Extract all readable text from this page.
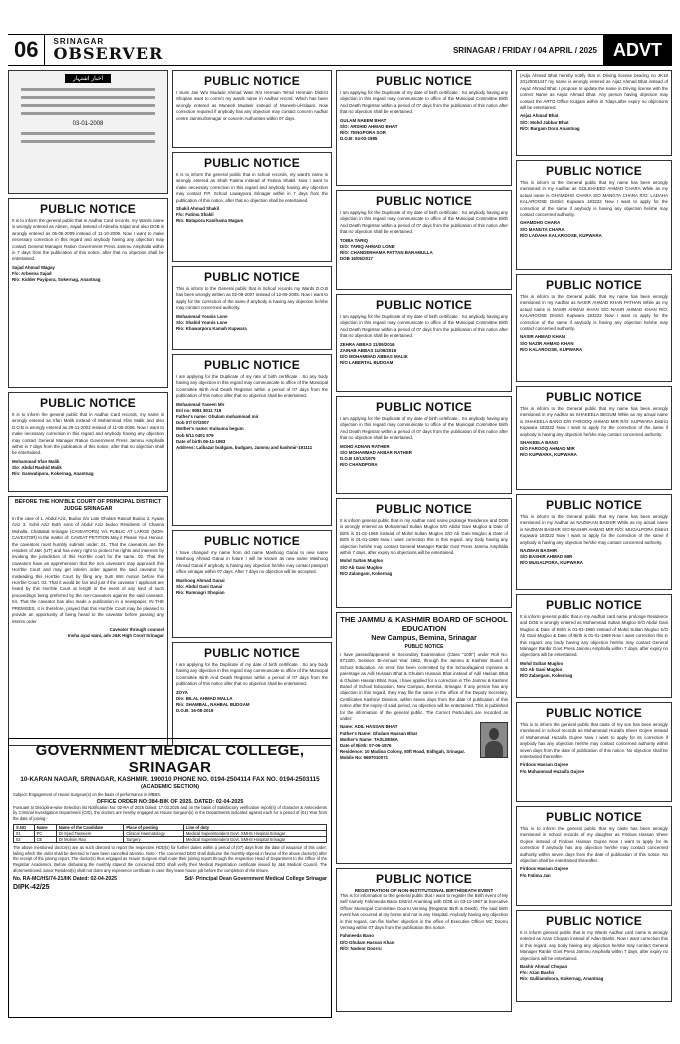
06	SRINAGAR
OBSERVER	SRINAGAR / FRIDAY / 04 APRIL / 2025 ADVT
اخبار اشتہار
03-01-2008
PUBLIC NOTICE
It is to inform the general public that in Aadhar Card records, my Wards name is wrongly entered as Abeen, Sajad instead of Abeeba Sajad and also DOB is wrongly entered as 05-05-2009 instead of 11-10-2009. Now I want to make necessary correction in this regard and anybody having any objection may contact General Manager Ration Government Press Jammu Amphalla within in 7 days from the publication of this notice, after that no objection shall be entertained.
Sajad Ahmad Wagay
F/o: Arbeena Sajad
R/o: Kidder Payipora, Sokernag, Anantnag
PUBLIC NOTICE
It is to inform the general public that in Aadhar Card records, my name is wrongly entered as Irfan Malik instead of Mohammad Irfan Malik and also D.O.B is wrongly entered as 29-11-2003 instead of 11-05-2006. Now I want to make necessary correction in this regard and anybody having any objection may contact General Manager Ration Government Press Jammu Amphalla within in 7 days from the publication of this notice, after that no objection shall be entertained.
Mohammad Irfan Malik
S/o: Abdul Rashid Malik
R/o: Ganwatipora, Kokernag, Anantnag
BEFORE THE HON'BLE COURT OF PRINCIPAL DISTRICT JUDGE SRINAGAR
In the case of 1. Abdul Aziz, Budoo S/o Late Ghulam Rasool Budoo 2. Ayaan Aziz 3. Sohil Aziz Both sons of Abdul Aziz budoo Residents of Channa Mohalla, Chattabal Srinagar (CAVEATORS) V/s PUBLIC AT LARGE (NON-CAVEATOR) In the matter of: CAVEAT PETITION May it Please Your Honour, the caveators most humbly submits under: 01. That the caveators are the resident of J&K (UT) and has every right to protect his rights and interests by invoking the jurisdiction of this Hon'ble court for the same. 02. That the caveators have an apprehension that the non caveators may approach this Hon'ble Court and may get interim order against the said caveator by misleading this Hon'ble Court by filing any Suit/ Writ motion before this Hon'ble Court. 03. That it would be fair and just if the caveator / applicant are heard by this Hon'ble Court at length in the event of any kind of such proceedings being preferred by the non-caveators against the said caveator. 04. That the caveator has also made a publication in a newspaper. IN THE PREMISES, it is therefore, prayed that this Hon'ble Court may be pleased to provide an opportunity of being heard to the caveator before passing any interim order.
Caveator through counsel
Insha ayaz wani, adv J&K High Court Srinagar
PUBLIC NOTICE
I Sumi Jan W/o Mudasir Ahmad Wani R/o Hermain Tehsil Hermain District Shopian want to correct my wards name in Aadhar record. Which has been wrongly entered as Muneeb Mudasir instead of Muneeb-ul-Islaam. Now correction required if anybody has any objection may contact concern Aadhar centre Jammu/Srinagar or concern Authorities within 07 days.
PUBLIC NOTICE
It is to inform the general public that in school records, my ward's name is wrongly entered as Shah Fatima instead of Fatima Shakil. Now I want to make necessary correction in this regard and anybody having any objection may contact P.P. School Lawaypora Srinagar within in 7 days from the publication of this notice, after that no objection shall be entertained.
Shakil Ahmad Shakil
F/o: Fatima Shakil
R/o: Batapora Kanihama Magam
PUBLIC NOTICE
This is inform to the General public that in School records my Wards D.O.B has been wrongly written as 02-09-2007 instead of 12-09-2005. Now I want to apply for the correction of the same if anybody is having any objection he/she may contact concerned authority.
Mohammad Younis Lone
S/o: Shahid Younis Lone
R/o: Khawarpora Kamah Kupwara
PUBLIC NOTICE
I am applying for the Duplicate of my rate of birth certificate . So any body having any objection in this regard may communicate to office of the Municipal Committee Birth And Death Registrar within a period of 07 days from the publication of this notice after that no objection shall be entertained.
Mohammad Yaseen Mir
Enl no: 8051 8011 719
Father's name: Ghulam mohammad mir
Dob 07/ 07/2007
Mother's name: Kulsuma begum
Dob 5/11 0401 979
Date of birth 06-11-1993
Address: Lalbazar budgam, budgam, Jammu and kashmir-191111
PUBLIC NOTICE
I have changed my name from old name Mashoog Ganai to new name Mashoog Ahmad Ganai in future I will be known as new name Mashoog Ahmad Ganai if anybody is having any objection he/she may contact passport office srinagar within 07 days. After 7 days no objection will be accepted.
Mashoog Ahmad Ganai
S/o: Abdul Gani Ganai
R/o: Ramnagri Shopian
PUBLIC NOTICE
I am applying for the Duplicate of my date of birth certificate . So any body having any objection in this regard may communicate to office of the Municipal Committee Birth And Death Registrar within a period of 07 days from the publication of this notice after that no objection shall be entertained.
ZOYA
D/o: BILAL AHMAD MALLA
R/o: SHAMBAL, NAHBAL BUDGAM
D.O.B: 16-08-2019
GOVERNMENT MEDICAL COLLEGE, SRINAGAR
10-KARAN NAGAR, SRINAGAR, KASHMIR. 190010 PHONE NO. 0194-2504114 FAX NO. 0194-2503115
(ACADEMIC SECTION)
Subject: Engagement of House Surgeon(s) on the basis of performance in MBBS.
OFFICE ORDER NO:384-BIK OF 2025. DATED: 02-04-2025
Pursuant to Discipline-wise Selection list Notification No: 02-RA of 2025 Dated: 17.03.2025 and on the basis of Satisfactory verification report(s) of character & Antecedents by Criminal Investigation Department (CID), the doctors are hereby engaged as House Surgeon(s) in the Departments indicated against each for a period of (01) Year from the date of joining:-
S.NO	Name	Name of the Candidate	Place of posting	Line of duty
01	PC	Dr Syed Tasneem	Clinical Haematology	Medical Superintendent Govt. SMHS Hospital Srinagar
02	CE	Dr Mohsin Rao	Surgery	Medical Superintendent Govt. SMHS Hospital Srinagar
The above mentioned doctor(s) are as such directed to report the respective HOD(s) for further duties within a period of (07) days from the date of issuance of this order; failing which the order shall be deemed to have been cancelled ab-initio. Note:- The concerned DDO shall disburse the monthly stipend in favour of the above doctor(s) after the receipt of the joining report. The doctor(s) thus engaged as House Surgeon shall route their joining report through the respective Head of Department to the Office of the Registrar Academics. Before disbursing the monthly stipend the concerned DDO shall verify their Medical Registration certificate issued by J&K Medical Council. The aforementioned Junior Resident(s) shall not claim any experience certificate in case they leave house job before the completion of the tenure.
No. RA-MC/HS/74-21/IIK Dated: 02-04-2025	Sd/- Principal Dean Government Medical College Srinagar
DIPK-42/25
PUBLIC NOTICE
I am applying for the Duplicate of my date of birth certificate . So anybody having any objection in this regard may communicate to office of the Municipal Committee Birth And Death Registrar within a period of 07 days from the publication of this notice after that no objection shall be entertained.
GULAM NAEEM BHAT
S/O: ARSHID AHMAD BHAT
R/O: TENGPORA SOR
D.O.B: 04-03-1985
PUBLIC NOTICE
I am applying for the Duplicate of my date of birth certificate . So anybody having any objection in this regard may communicate to office of the Municipal Committee Birth And Death Registrar within a period of 07 days from the publication of this notice after that no objection shall be entertained.
TOIBA TARIQ
D/O: TARIQ AHMAD LONE
R/O: CHANDERHAMA PATTAN BARAMULLA
DOB 15/05/2017
PUBLIC NOTICE
I am applying for the Duplicate of my date of birth certificate . So anybody having any objection in this regard may communicate to office of the Municipal Committee Birth And Death Registrar within a period of 07 days from the publication of this notice after that no objection shall be entertained.
ZEHRA ABBAS 11/09/2016
ZAINAB ABBAS 11/09/2016
D/O MOHAMMAD ABBAS MALIK
R/O LABERTAL BUDGAM
PUBLIC NOTICE
I am applying for the Duplicate of my date of birth certificate . So anybody having any objection in this regard may communicate to office of the Municipal Committee Birth And Death Registrar within a period of 07 days from the publication of this notice after that no objection shall be entertained.
MOHD ADNAN RATHER
S/O MOHAMMAD AKBAR RATHER
D.O.B 10/12/1979
R/O CHANDPORA
PUBLIC NOTICE
It is inform general public that in my Aadhar card name prolonge Residence and DOB is wrongly entered as Mohammad Sultan Mugloo S/O Abdul Gani Mugloo & Date of Birth is 01-01-1960 instead of Mohd Sultan Mugloo S/O Ab Gani Mugloo & Date of Birth is 01-01-1959 Now I want correction this in this regard. any body having any objection he/she may contact General Manager Ranbir Govt Press Jammu Amphalla within 7 days, after expiry no objections will be entertained.
Mohd Sultan Mugloo
S/O Ab Gani Mugloo
R/O Zalangam, Kokernag
THE JAMMU & KASHMIR BOARD OF SCHOOL EDUCATION
New Campus, Bemina, Srinagar
PUBLIC NOTICE
I have passed/appeared in Secondary Examination (Class "10th") under Roll No. 871320, Session: Bi-Annual Year 1982, through the Jammu & Kashmir Board of School Education. An error has been committed by the School/against myname & parentage as Adil Hussain Bhat & Ghulam Hussain Bhat instead of Adil Hassan Bhat & Ghulam Hassan Bhat. Now, I have applied for a correction in The Jammu & Kashmir Board of School Education, New Campus, Bemina, Srinagar. If any person has any objection in this regard, they may file the same in the office of the Deputy Secretary, Certificates Kashmir Division, within seven days from the date of publication of this notice after the expiry of said period, no objection will be entertained. This is published for the information of the general public. The Correct Particulars are recorded as under:
Name: ADIL HASSAN BHAT
Father's Name: Ghulam Hassan Bhat
Mother's Name: TASLEEMA
Date of Birth: 07-06-1976
Residence: 10 Madina Colony, 50ft Road, Eidhgah, Srinagar.
Mobile No: 9697010071
PUBLIC NOTICE
REGISTRATION OF NON-INSTITUTIONAL BIRTH/DEATH EVENT
This is for information to the general public that I want to register the Birth event of My Self namely Fahmeeda Bano District Anantnag with DOB on 03-11-1967 at Executive Officer Municipal Committee Doorru Verinag (Registrar Birth & Death). The said Birth event has occurred at my home and not in any Hospital. Anybody having any objection in this regard, can file his/her objection in the office of Executive Officer MC Doorru Verinag within 07 days from the publication this notice.
Fahmeeda Bano
D/O Ghulam Hassan Khan
R/O: Nadoor Doorru
(Adjo Ahmad Bhat hereby notify that in Driving license bearing no JK18 20120001447 my name is wrongly entered as Aijaz Ahmad Bhat instead of Aejaz Ahmad Bhat. I propose to update the name in Driving license with the correct Name as Aejaz Ahmad Bhat. Any person having objection may contact the ARTO Office Kulgam within in 7days,after expiry no objections will be entertained.
Aejaz Ahmad Bhat
S/O: Mohd Jabbar Bhat
R/O: Bargam Doru Anantnag
PUBLIC NOTICE
This is inform to the General public that my name has been wrongly mentioned in my Aadhar as GULSHAEED AHMAD CHARA While as my actual name is GHAMDHO CHARA S/O MANGTA CHARA R/O: LADAHA KALAROOSE District Kupwara 193222 Now I want to apply for the correction of the same if anybody is having any objection he/she may contact concerned authority.
GHAMDHO CHARA
S/O MANGTA CHARA
R/O LADAHA KALAROOSE, KUPWARA
PUBLIC NOTICE
This is inform to the General public that my name has been wrongly mentioned in my Aadhar as NASIR AHMAD KHAN PATHAN While as my actual name is NASIR AHMAD KHAN S/O NASIR AHMAD KHAN R/O: KALAROOSE District Kupwara 193222 Now I want to apply for the correction of the same if anybody is having any objection he/she may contact concerned authority.
NASIR AHMAD KHAN
S/O NAZIR AHMAD KHAN
R/O KALAROOSE, KUPWARA
PUBLIC NOTICE
This is inform to the General public that my name has been wrongly mentioned in my Aadhar as SHAKEELA BEGUM While as my actual name is SHAKEELA BANO D/O FAROOQ AHMAD MIR R/O: KUPWARA District Kupwara 193222 Now I want to apply for the correction of the same if anybody is having any objection he/she may contact concerned authority.
SHAKEELA BANO
D/O FAROOQ AHMAD MIR
R/O KUPWARA, KUPWARA
PUBLIC NOTICE
This is inform to the General public that my name has been wrongly mentioned in my Aadhar as NAZMAAN BASHIR While as my actual name is NAZMAN BASHIR S/O BASHIR AHMAD MIR R/O: MUGALPORA District Kupwara 193222 Now I want to apply for the correction of the same if anybody is having any objection he/she may contact concerned authority.
NAZMAN BASHIR
S/O BASHIR AHMAD MIR
R/O MUGALPORA, KUPWARA
PUBLIC NOTICE
It is inform general public that in my Aadhar card name prolonge Residence and DOB is wrongly entered as Mohammad Sultan Mugloo S/O Abdul Gani Mugloo & Date of Birth is 01-01-1960 instead of Mohd Sultan Mugloo S/O Ab Gani Mugloo & Date of Birth is 01-01-1959 Now I want correction this in this regard. any body having any objection he/she may contact General Manager Ranbir Govt Press Jammu Amphalla within 7 days, after expiry no objections will be entertained.
Mohd Sultan Mugloo
S/O Ab Gani Mugloo
R/O Zalangam, Kokernag
PUBLIC NOTICE
This is to inform the general public that caste of my son has been wrongly mentioned in school records as Mohammad Huzaifa Sheer Gojree instead of Mohammad Huzaifa Gujree Now I want to apply for its correction if anybody has any objection he/she may contact concerned authority within seven days from the date of publication of this notice. No objection shall be entertained thereafter.
Firdous Hassan Gujree
F/o Muhammad Huzaifa Gujree
PUBLIC NOTICE
This is to inform the general public that my caste has been wrongly mentioned in school records of my daughter as Firdous Hassan Sheer Gojree instead of Firdous Hassan Gujree Now I want to apply for its correction if anybody has any objection he/she may contact concerned authority within seven days from the date of publication of this notice. No objection shall be entertained thereafter.
Firdous Hassan Gujree
F/o Fatima Jan
PUBLIC NOTICE
It is inform general public that in my Wards Aadhar card name is wrongly entered as Azan Chopan instead of Adan Bashir, Now I want correction this in this regard. any body having any objection he/she may contact General Manager Ranbir Govt Press Jammu Amphalla within 7 days, after expiry no objections will be entertained.
Bashir Ahmad Chopan
F/o: Azan Bashir
R/o: Gulilamdoora, Kokernag, Anantnag
